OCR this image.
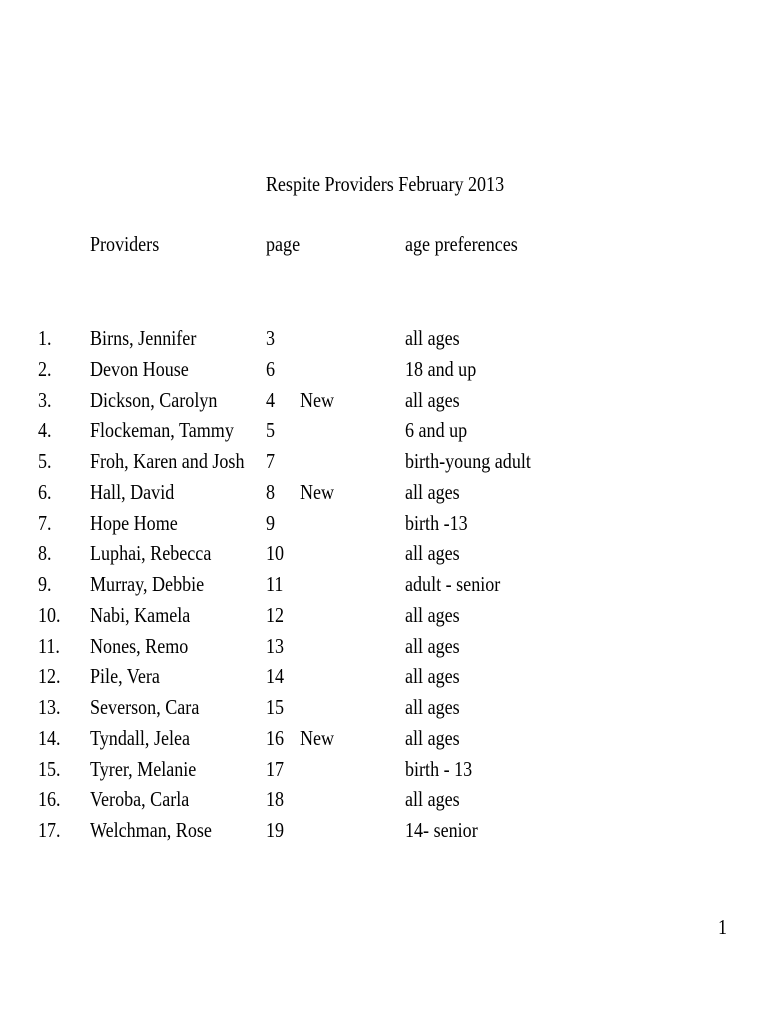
Respite Providers February 2013
Providers	page	age preferences
1. Birns, Jennifer	3	all ages
2. Devon House	6	18 and up
3. Dickson, Carolyn 4 New	all ages
4. Flockeman, Tammy 5	6 and up
5. Froh, Karen and Josh 7	birth-young adult
6. Hall, David	8 New	all ages
7. Hope Home	9	birth -13
8. Luphai, Rebecca	10	all ages
9. Murray, Debbie	11	adult - senior
10. Nabi, Kamela	12	all ages
11. Nones, Remo	13	all ages
12. Pile, Vera	14	all ages
13. Severson, Cara	15	all ages
14. Tyndall, Jelea	16 New	all ages
15. Tyrer, Melanie	17	birth - 13
16. Veroba, Carla	18	all ages
17. Welchman, Rose	19	14- senior
1
